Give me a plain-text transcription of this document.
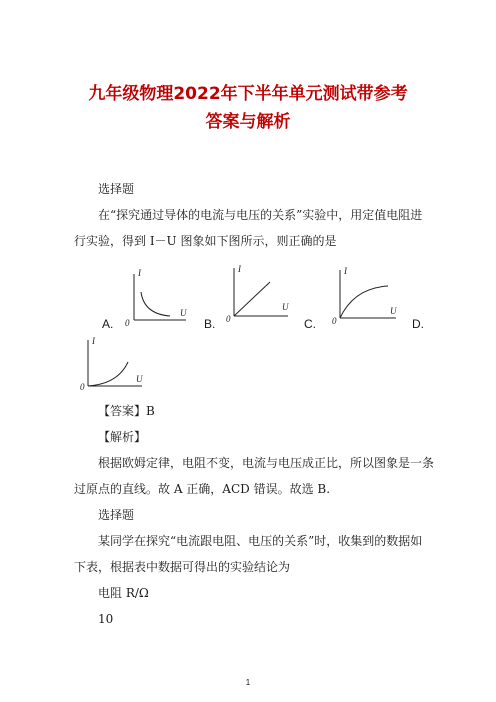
九年级物理2022年下半年单元测试带参考
答案与解析
选择题
在“探究通过导体的电流与电压的关系”实验中，用定值电阻进
行实验，得到 I－U 图象如下图所示，则正确的是
I
U
0
A.
I
U
0
B.
I
U
0
C.	D.
I
U
0
【答案】B
【解析】
根据欧姆定律，电阻不变，电流与电压成正比，所以图象是一条
过原点的直线。故 A 正确，ACD 错误。故选 B.
选择题
某同学在探究“电流跟电阻、电压的关系”时，收集到的数据如
下表，根据表中数据可得出的实验结论为
电阻 R/Ω
10
1
